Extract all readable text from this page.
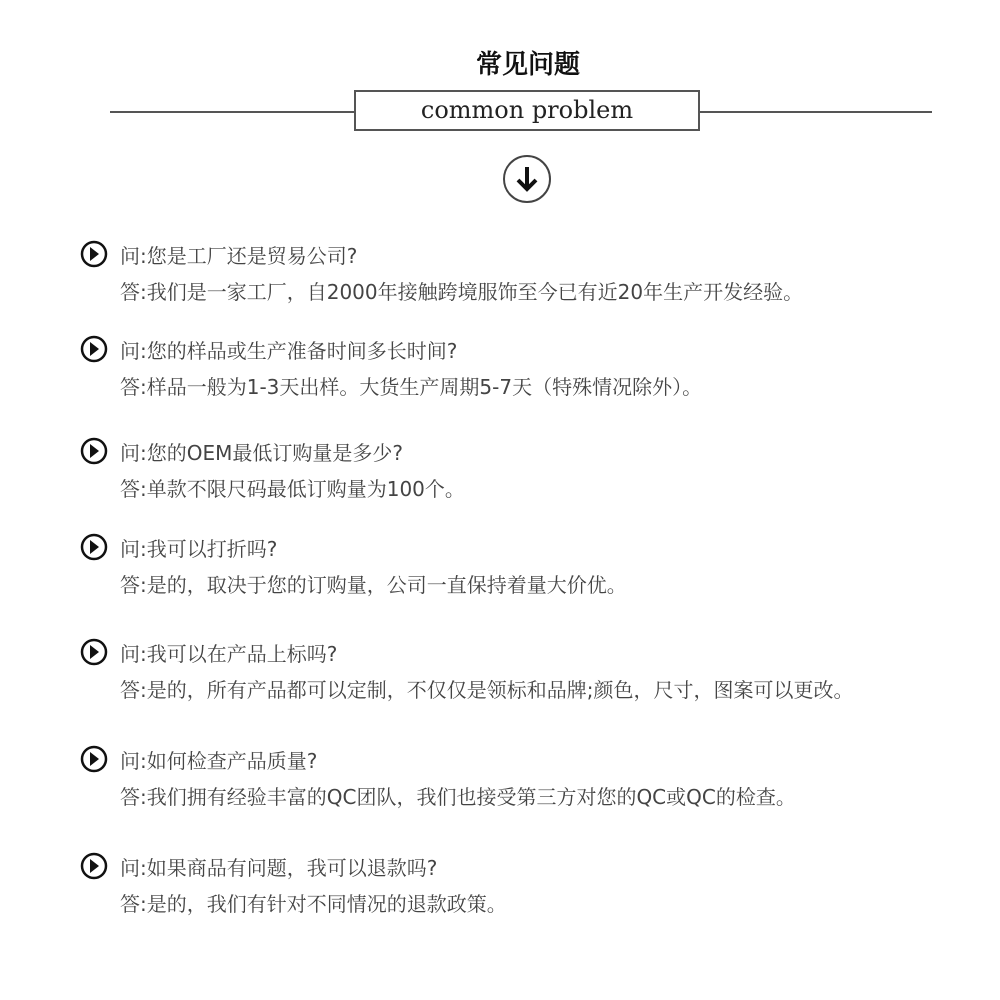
常见问题
common problem
问:您是工厂还是贸易公司?
答:我们是一家工厂，自2000年接触跨境服饰至今已有近20年生产开发经验。
问:您的样品或生产准备时间多长时间?
答:样品一般为1-3天出样。大货生产周期5-7天（特殊情况除外）。
问:您的OEM最低订购量是多少?
答:单款不限尺码最低订购量为100个。
问:我可以打折吗?
答:是的，取决于您的订购量，公司一直保持着量大价优。
问:我可以在产品上标吗?
答:是的，所有产品都可以定制，不仅仅是领标和品牌;颜色，尺寸，图案可以更改。
问:如何检查产品质量?
答:我们拥有经验丰富的QC团队，我们也接受第三方对您的QC或QC的检查。
问:如果商品有问题，我可以退款吗?
答:是的，我们有针对不同情况的退款政策。
